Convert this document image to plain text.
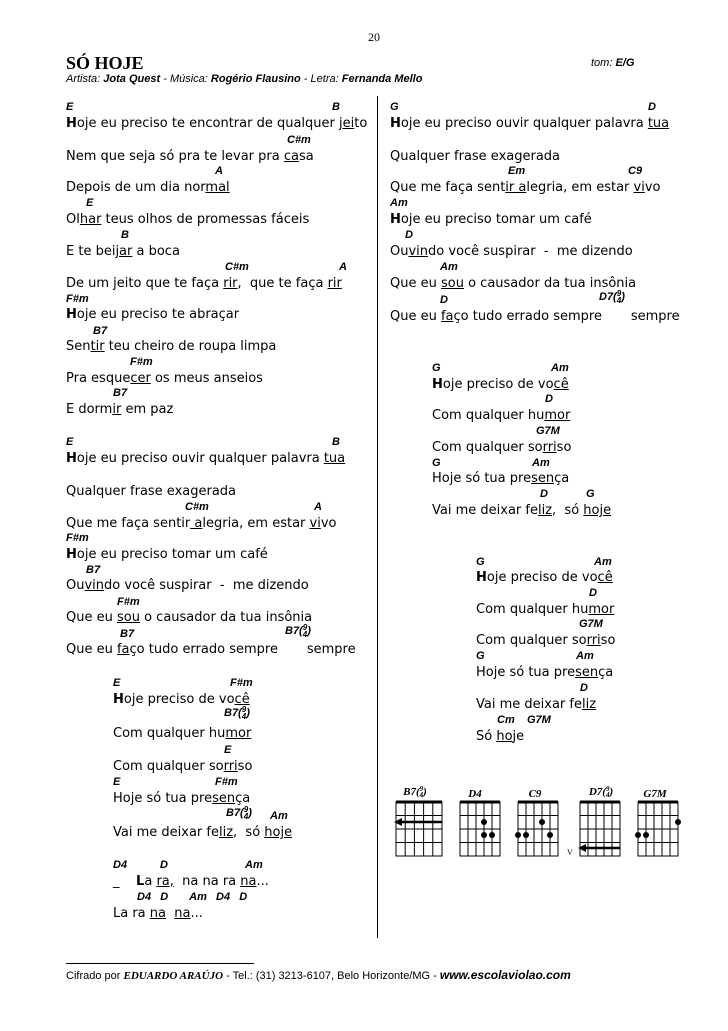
20
SÓ HOJE	tom: E/G
Artista: Jota Quest - Música: Rogério Flausino - Letra: Fernanda Mello
E	B
Hoje eu preciso te encontrar de qualquer jeito
C#m
Nem que seja só pra te levar pra casa
A
Depois de um dia normal
E
Olhar teus olhos de promessas fáceis
B
E te beijar a boca
C#m	A
De um jeito que te faça rir,  que te faça rir
F#m
Hoje eu preciso te abraçar
B7
Sentir teu cheiro de roupa limpa
F#m
Pra esquecer os meus anseios
B7
E dormir em paz
E	B
Hoje eu preciso ouvir qualquer palavra tua
Qualquer frase exagerada
C#m	A
Que me faça sentir alegria, em estar vivo
F#m
Hoje eu preciso tomar um café
B7
Ouvindo você suspirar  -  me dizendo
F#m
Que eu sou o causador da tua insônia
B7	B7(9
4)
Que eu faço tudo errado sempre       sempre
E	F#m
Hoje preciso de você
B7(9
4)
Com qualquer humor
E
Com qualquer sorriso
E	F#m
Hoje só tua presença
B7(9
4) Am
Vai me deixar feliz,  só hoje
D4	D	Am
_    La ra,  na na ra na...
D4   D       Am   D4   D
La ra na na...
G	D
Hoje eu preciso ouvir qualquer palavra tua
Qualquer frase exagerada
Em	C9
Que me faça sentir alegria, em estar vivo
Am
Hoje eu preciso tomar um café
D
Ouvindo você suspirar  -  me dizendo
Am
Que eu sou o causador da tua insônia
D	D7(9
4)
Que eu faço tudo errado sempre       sempre
G	Am
Hoje preciso de você
D
Com qualquer humor
G7M
Com qualquer sorriso
G	Am
Hoje só tua presença
D	G
Vai me deixar feliz,  só hoje
G	Am
Hoje preciso de você
D
Com qualquer humor
G7M
Com qualquer sorriso
G	Am
Hoje só tua presença
D
Vai me deixar feliz
Cm    G7M
Só hoje
B7(9
4)	D4	C9	D7(9
4)	G7M
V
Cifrado por EDUARDO ARAÚJO - Tel.: (31) 3213-6107, Belo Horizonte/MG - www.escolaviolao.com
